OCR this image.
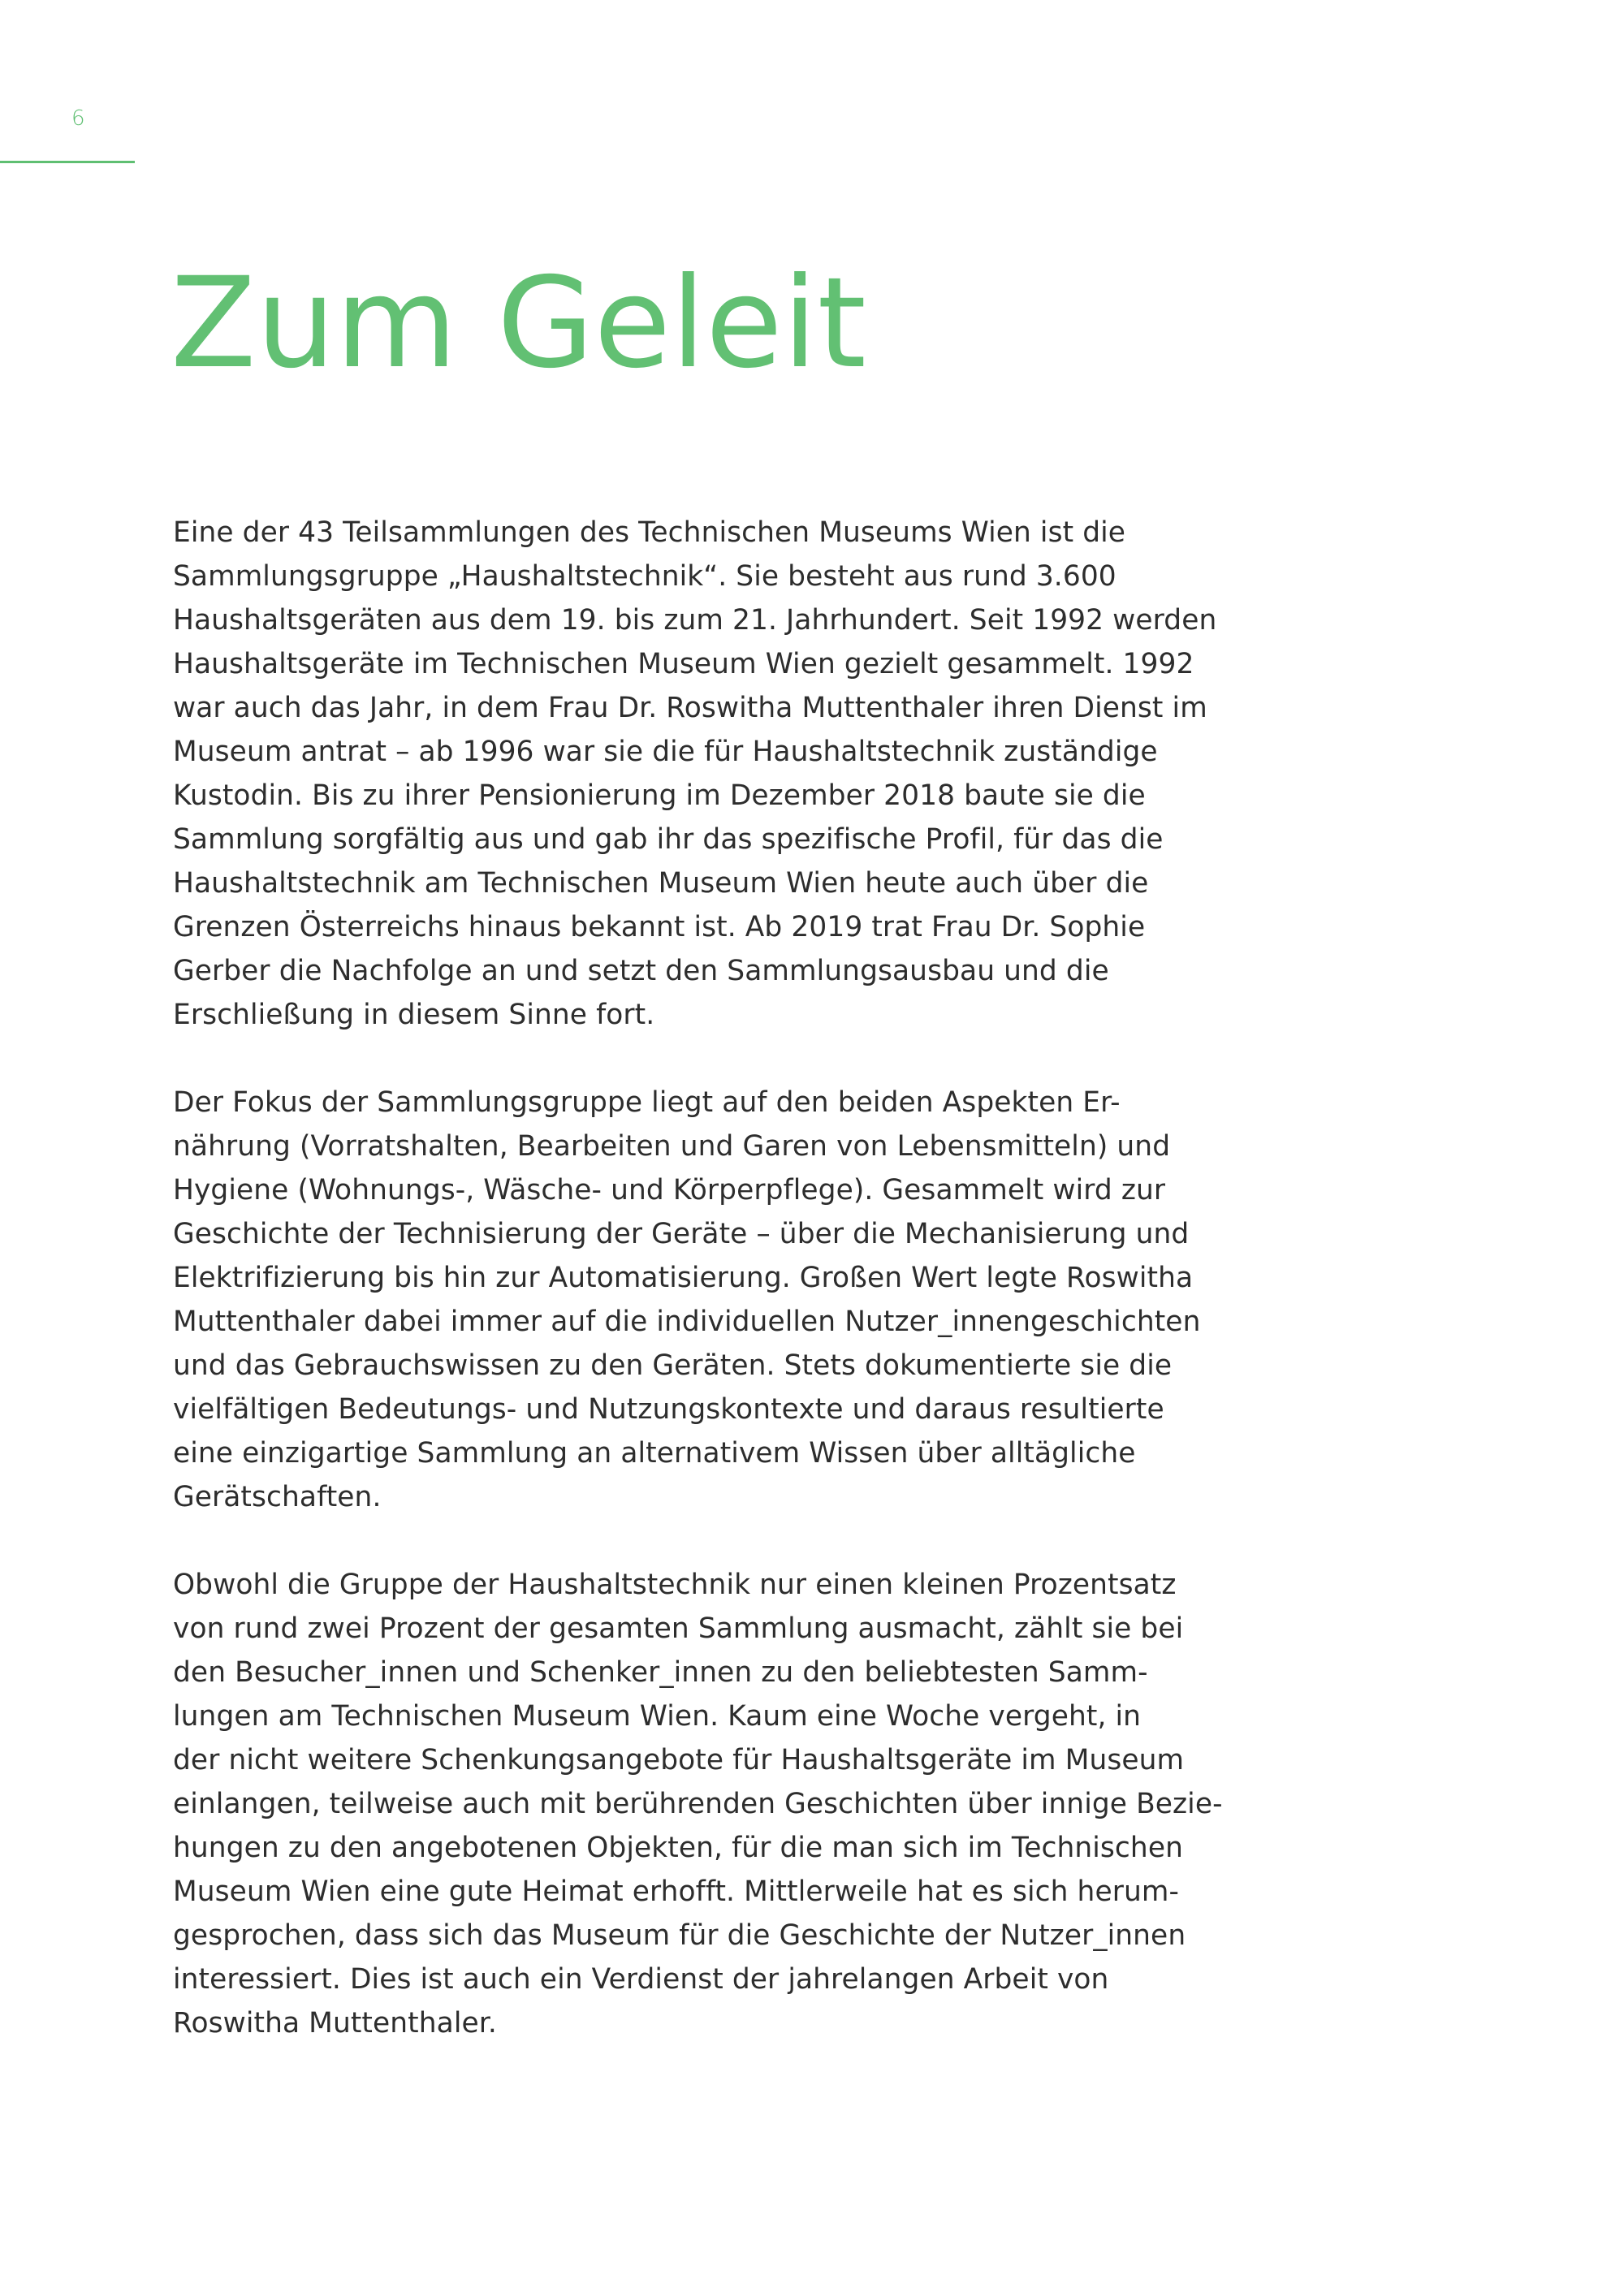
6
Zum Geleit

Eine der 43 Teilsammlungen des Technischen Museums Wien ist die
Sammlungsgruppe „Haushaltstechnik“. Sie besteht aus rund 3.600
Haushaltsgeräten aus dem 19. bis zum 21. Jahrhundert. Seit 1992 werden
Haushaltsgeräte im Technischen Museum Wien gezielt gesammelt. 1992
war auch das Jahr, in dem Frau Dr. Roswitha Muttenthaler ihren Dienst im
Museum antrat – ab 1996 war sie die für Haushaltstechnik zuständige
Kustodin. Bis zu ihrer Pensionierung im Dezember 2018 baute sie die
Sammlung sorgfältig aus und gab ihr das spezifische Profil, für das die
Haushaltstechnik am Technischen Museum Wien heute auch über die
Grenzen Österreichs hinaus bekannt ist. Ab 2019 trat Frau Dr. Sophie
Gerber die Nachfolge an und setzt den Sammlungsausbau und die
Erschließung in diesem Sinne fort.

Der Fokus der Sammlungsgruppe liegt auf den beiden Aspekten Er-
nährung (Vorratshalten, Bearbeiten und Garen von Lebensmitteln) und
Hygiene (Wohnungs-, Wäsche- und Körperpflege). Gesammelt wird zur
Geschichte der Technisierung der Geräte – über die Mechanisierung und
Elektrifizierung bis hin zur Automatisierung. Großen Wert legte Roswitha
Muttenthaler dabei immer auf die individuellen Nutzer_innengeschichten
und das Gebrauchswissen zu den Geräten. Stets dokumentierte sie die
vielfältigen Bedeutungs- und Nutzungskontexte und daraus resultierte
eine einzigartige Sammlung an alternativem Wissen über alltägliche
Gerätschaften.

Obwohl die Gruppe der Haushaltstechnik nur einen kleinen Prozentsatz
von rund zwei Prozent der gesamten Sammlung ausmacht, zählt sie bei
den Besucher_innen und Schenker_innen zu den beliebtesten Samm-
lungen am Technischen Museum Wien. Kaum eine Woche vergeht, in
der nicht weitere Schenkungsangebote für Haushaltsgeräte im Museum
einlangen, teilweise auch mit berührenden Geschichten über innige Bezie-
hungen zu den angebotenen Objekten, für die man sich im Technischen
Museum Wien eine gute Heimat erhofft. Mittlerweile hat es sich herum-
gesprochen, dass sich das Museum für die Geschichte der Nutzer_innen
interessiert. Dies ist auch ein Verdienst der jahrelangen Arbeit von
Roswitha Muttenthaler.
